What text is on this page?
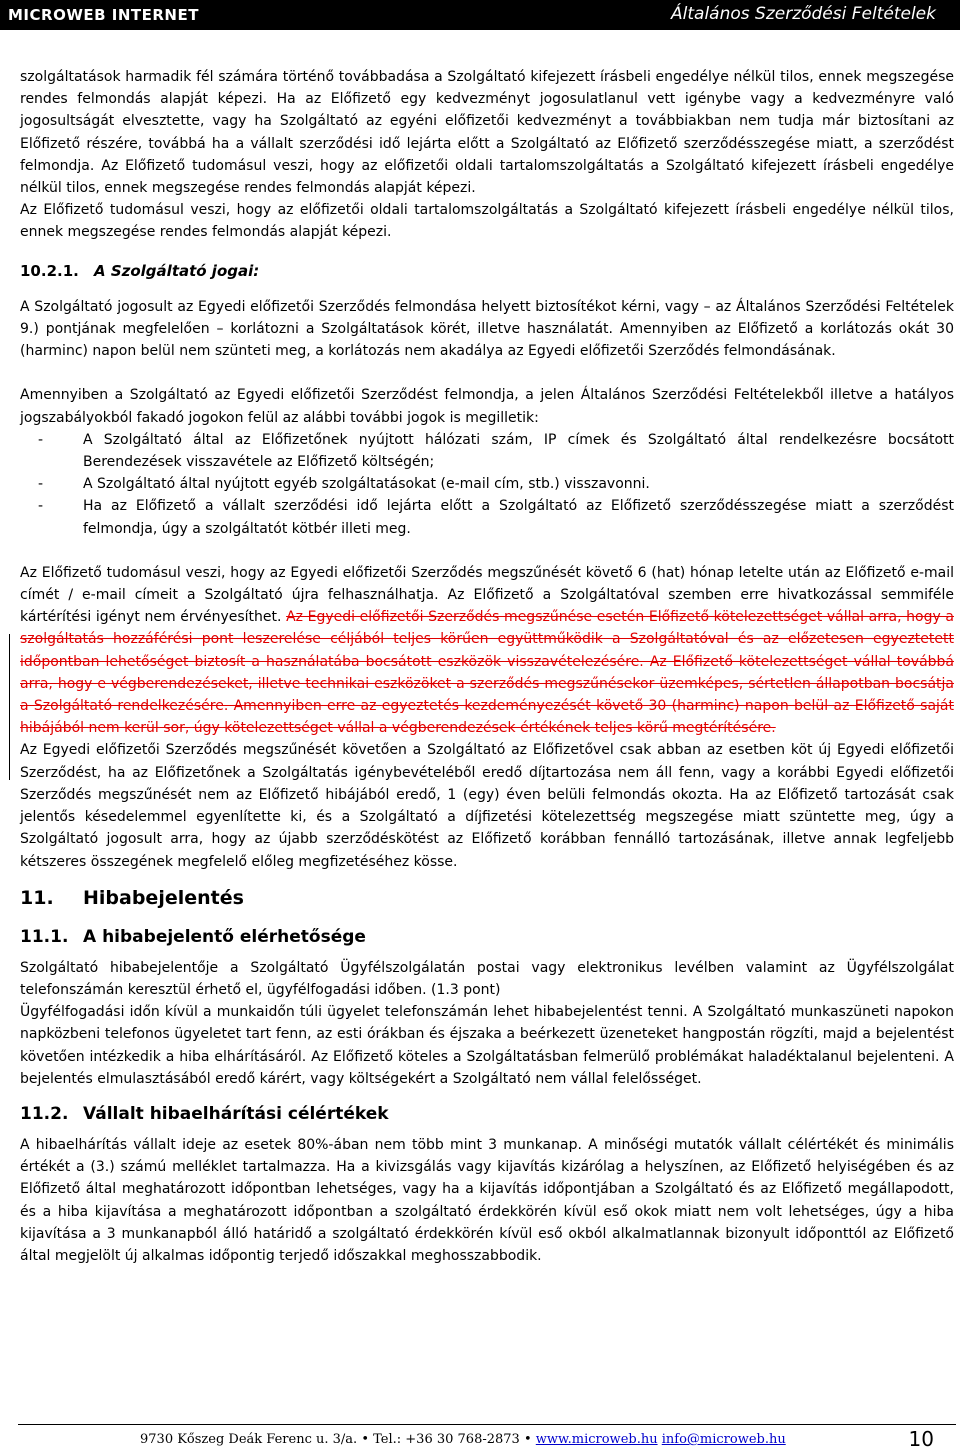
MICROWEB INTERNET	Általános Szerződési Feltételek

szolgáltatások harmadik fél számára történő továbbadása a Szolgáltató kifejezett írásbeli engedélye nélkül tilos, ennek megszegése rendes felmondás alapját képezi. Ha az Előfizető egy kedvezményt jogosulatlanul vett igénybe vagy a kedvezményre való jogosultságát elvesztette, vagy ha Szolgáltató az egyéni előfizetői kedvezményt a továbbiakban nem tudja már biztosítani az Előfizető részére, továbbá ha a vállalt szerződési idő lejárta előtt a Szolgáltató az Előfizető szerződésszegése miatt, a szerződést felmondja. Az Előfizető tudomásul veszi, hogy az előfizetői oldali tartalomszolgáltatás a Szolgáltató kifejezett írásbeli engedélye nélkül tilos, ennek megszegése rendes felmondás alapját képezi.

Az Előfizető tudomásul veszi, hogy az előfizetői oldali tartalomszolgáltatás a Szolgáltató kifejezett írásbeli engedélye nélkül tilos, ennek megszegése rendes felmondás alapját képezi.

10.2.1. A Szolgáltató jogai:

A Szolgáltató jogosult az Egyedi előfizetői Szerződés felmondása helyett biztosítékot kérni, vagy – az Általános Szerződési Feltételek 9.) pontjának megfelelően – korlátozni a Szolgáltatások körét, illetve használatát. Amennyiben az Előfizető a korlátozás okát 30 (harminc) napon belül nem szünteti meg, a korlátozás nem akadálya az Egyedi előfizetői Szerződés felmondásának.

Amennyiben a Szolgáltató az Egyedi előfizetői Szerződést felmondja, a jelen Általános Szerződési Feltételekből illetve a hatályos jogszabályokból fakadó jogokon felül az alábbi további jogok is megilletik:

-	A Szolgáltató által az Előfizetőnek nyújtott hálózati szám, IP címek és Szolgáltató által rendelkezésre bocsátott Berendezések visszavétele az Előfizető költségén;
-	A Szolgáltató által nyújtott egyéb szolgáltatásokat (e-mail cím, stb.) visszavonni.
-	Ha az Előfizető a vállalt szerződési idő lejárta előtt a Szolgáltató az Előfizető szerződésszegése miatt a szerződést felmondja, úgy a szolgáltatót kötbér illeti meg.

Az Előfizető tudomásul veszi, hogy az Egyedi előfizetői Szerződés megszűnését követő 6 (hat) hónap letelte után az Előfizető e-mail címét / e-mail címeit a Szolgáltató újra felhasználhatja. Az Előfizető a Szolgáltatóval szemben erre hivatkozással semmiféle kártérítési igényt nem érvényesíthet. Az Egyedi előfizetői Szerződés megszűnése esetén Előfizető kötelezettséget vállal arra, hogy a szolgáltatás hozzáférési pont leszerelése céljából teljes körűen együttműködik a Szolgáltatóval és az előzetesen egyeztetett időpontban lehetőséget biztosít a használatába bocsátott eszközök visszavételezésére. Az Előfizető kötelezettséget vállal továbbá arra, hogy e végberendezéseket, illetve technikai eszközöket a szerződés megszűnésekor üzemképes, sértetlen állapotban bocsátja a Szolgáltató rendelkezésére. Amennyiben erre az egyeztetés kezdeményezését követő 30 (harminc) napon belül az Előfizető saját hibájából nem kerül sor, úgy kötelezettséget vállal a végberendezések értékének teljes körű megtérítésére.

Az Egyedi előfizetői Szerződés megszűnését követően a Szolgáltató az Előfizetővel csak abban az esetben köt új Egyedi előfizetői Szerződést, ha az Előfizetőnek a Szolgáltatás igénybevételéből eredő díjtartozása nem áll fenn, vagy a korábbi Egyedi előfizetői Szerződés megszűnését nem az Előfizető hibájából eredő, 1 (egy) éven belüli felmondás okozta. Ha az Előfizető tartozását csak jelentős késedelemmel egyenlítette ki, és a Szolgáltató a díjfizetési kötelezettség megszegése miatt szüntette meg, úgy a Szolgáltató jogosult arra, hogy az újabb szerződéskötést az Előfizető korábban fennálló tartozásának, illetve annak legfeljebb kétszeres összegének megfelelő előleg megfizetéséhez kösse.

11. Hibabejelentés
11.1. A hibabejelentő elérhetősége

Szolgáltató hibabejelentője a Szolgáltató Ügyfélszolgálatán postai vagy elektronikus levélben valamint az Ügyfélszolgálat telefonszámán keresztül érhető el, ügyfélfogadási időben. (1.3 pont)

Ügyfélfogadási időn kívül a munkaidőn túli ügyelet telefonszámán lehet hibabejelentést tenni. A Szolgáltató munkaszüneti napokon napközbeni telefonos ügyeletet tart fenn, az esti órákban és éjszaka a beérkezett üzeneteket hangpostán rögzíti, majd a bejelentést követően intézkedik a hiba elhárításáról. Az Előfizető köteles a Szolgáltatásban felmerülő problémákat haladéktalanul bejelenteni. A bejelentés elmulasztásából eredő kárért, vagy költségekért a Szolgáltató nem vállal felelősséget.

11.2. Vállalt hibaelhárítási célértékek

A hibaelhárítás vállalt ideje az esetek 80%-ában nem több mint 3 munkanap. A minőségi mutatók vállalt célértékét és minimális értékét a (3.) számú melléklet tartalmazza. Ha a kivizsgálás vagy kijavítás kizárólag a helyszínen, az Előfizető helyiségében és az Előfizető által meghatározott időpontban lehetséges, vagy ha a kijavítás időpontjában a Szolgáltató és az Előfizető megállapodott, és a hiba kijavítása a meghatározott időpontban a szolgáltató érdekkörén kívül eső okok miatt nem volt lehetséges, úgy a hiba kijavítása a 3 munkanapból álló határidő a szolgáltató érdekkörén kívül eső okból alkalmatlannak bizonyult időponttól az Előfizető által megjelölt új alkalmas időpontig terjedő időszakkal meghosszabbodik.

9730 Kőszeg Deák Ferenc u. 3/a. • Tel.: +36 30 768-2873 • www.microweb.hu info@microweb.hu	10
